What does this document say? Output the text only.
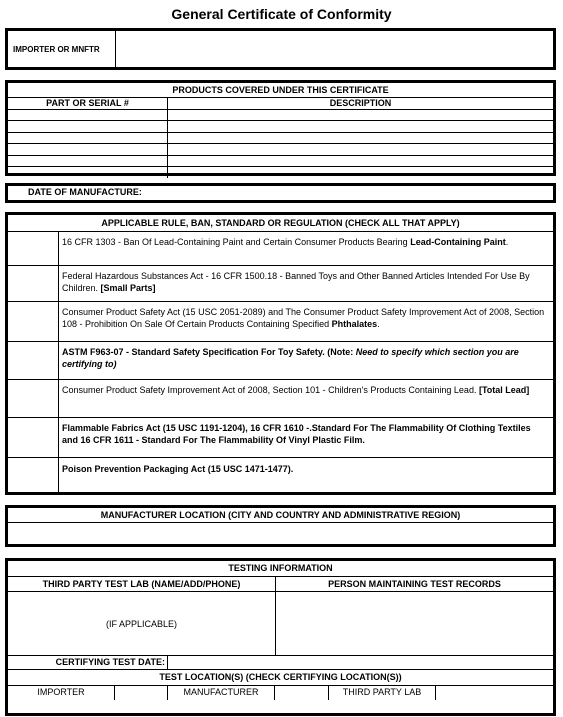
General Certificate of Conformity
IMPORTER OR MNFTR
PRODUCTS COVERED UNDER THIS CERTIFICATE
PART OR SERIAL #	DESCRIPTION
DATE OF MANUFACTURE:
APPLICABLE RULE, BAN, STANDARD OR REGULATION (CHECK ALL THAT APPLY)
16 CFR 1303 - Ban Of Lead-Containing Paint and Certain Consumer Products Bearing Lead-Containing Paint.
Federal Hazardous Substances Act - 16 CFR 1500.18 - Banned Toys and Other Banned Articles Intended For Use By Children. [Small Parts]
Consumer Product Safety Act (15 USC 2051-2089) and The Consumer Product Safety Improvement Act of 2008, Section 108 - Prohibition On Sale Of Certain Products Containing Specified Phthalates.
ASTM F963-07 - Standard Safety Specification For Toy Safety. (Note: Need to specify which section you are certifying to)
Consumer Product Safety Improvement Act of 2008, Section 101 - Children's Products Containing Lead. [Total Lead]
Flammable Fabrics Act (15 USC 1191-1204), 16 CFR 1610 -.Standard For The Flammability Of Clothing Textiles and 16 CFR 1611 - Standard For The Flammability Of Vinyl Plastic Film.
Poison Prevention Packaging Act (15 USC 1471-1477).
MANUFACTURER LOCATION (CITY AND COUNTRY AND ADMINISTRATIVE REGION)
TESTING INFORMATION
THIRD PARTY TEST LAB (NAME/ADD/PHONE)	PERSON MAINTAINING TEST RECORDS
(IF APPLICABLE)
CERTIFYING TEST DATE:
TEST LOCATION(S) (CHECK CERTIFYING LOCATION(S))
IMPORTER	MANUFACTURER	THIRD PARTY LAB
